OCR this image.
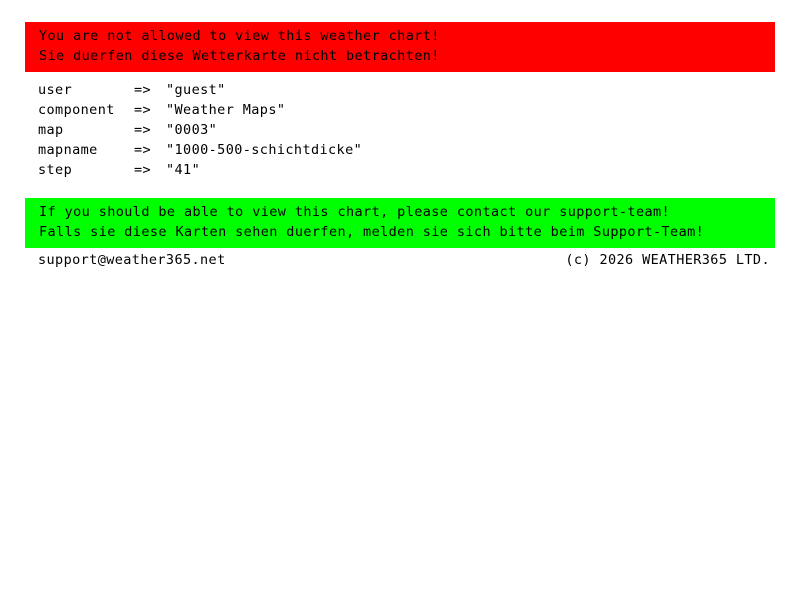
You are not allowed to view this weather chart!
Sie duerfen diese Wetterkarte nicht betrachten!
user	=>	"guest"
component	=>	"Weather Maps"
map	=>	"0003"
mapname	=>	"1000-500-schichtdicke"
step	=>	"41"
If you should be able to view this chart, please contact our support-team!
Falls sie diese Karten sehen duerfen, melden sie sich bitte beim Support-Team!
support@weather365.net	(c) 2026 WEATHER365 LTD.
